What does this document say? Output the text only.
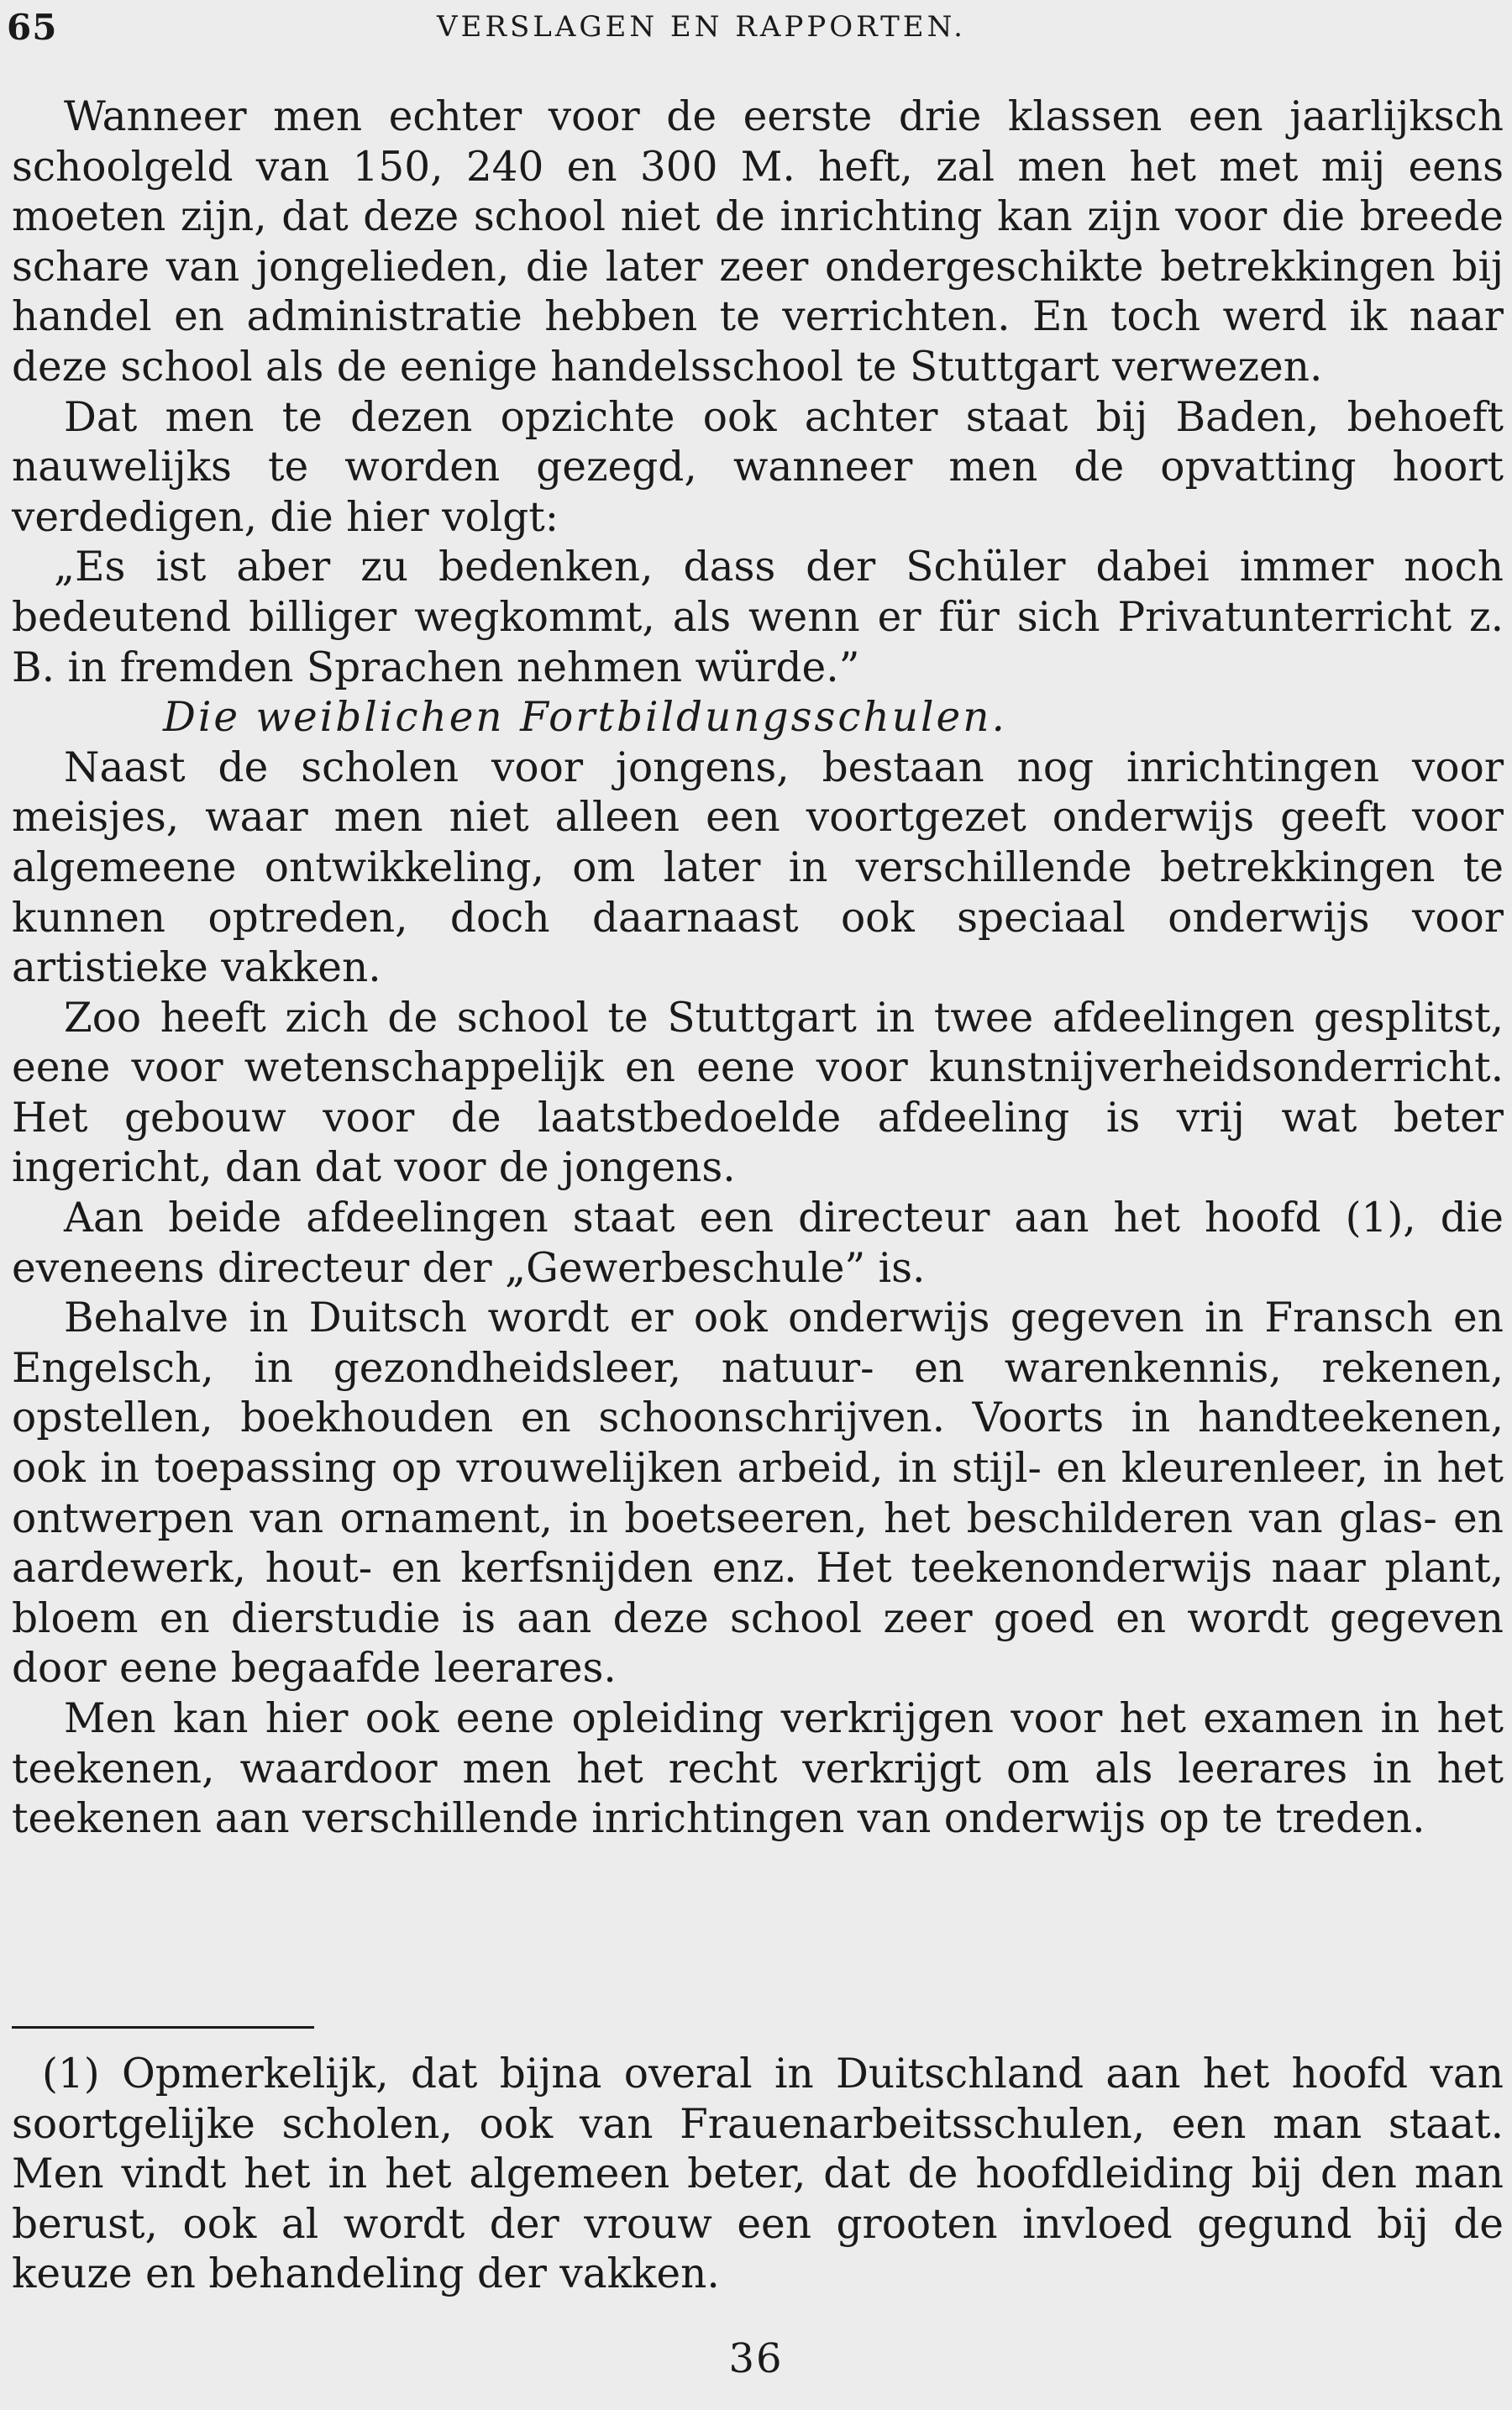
65	VERSLAGEN EN RAPPORTEN.

Wanneer men echter voor de eerste drie klassen een jaarlijksch schoolgeld van 150, 240 en 300 M. heft, zal men het met mij eens moeten zijn, dat deze school niet de inrichting kan zijn voor die breede schare van jongelieden, die later zeer ondergeschikte betrekkingen bij handel en administratie hebben te verrichten. En toch werd ik naar deze school als de eenige handelsschool te Stuttgart verwezen.

Dat men te dezen opzichte ook achter staat bij Baden, behoeft nauwelijks te worden gezegd, wanneer men de opvatting hoort verdedigen, die hier volgt:

„Es ist aber zu bedenken, dass der Schüler dabei immer noch bedeutend billiger wegkommt, als wenn er für sich Privatunterricht z. B. in fremden Sprachen nehmen würde.”

Die weiblichen Fortbildungsschulen.

Naast de scholen voor jongens, bestaan nog inrichtingen voor meisjes, waar men niet alleen een voortgezet onderwijs geeft voor algemeene ontwikkeling, om later in verschillende betrekkingen te kunnen optreden, doch daarnaast ook speciaal onderwijs voor artistieke vakken.

Zoo heeft zich de school te Stuttgart in twee afdeelingen gesplitst, eene voor wetenschappelijk en eene voor kunstnijverheidsonderricht. Het gebouw voor de laatstbedoelde afdeeling is vrij wat beter ingericht, dan dat voor de jongens.

Aan beide afdeelingen staat een directeur aan het hoofd (1), die eveneens directeur der „Gewerbeschule” is.

Behalve in Duitsch wordt er ook onderwijs gegeven in Fransch en Engelsch, in gezondheidsleer, natuur- en warenkennis, rekenen, opstellen, boekhouden en schoonschrijven. Voorts in handteekenen, ook in toepassing op vrouwelijken arbeid, in stijl- en kleurenleer, in het ontwerpen van ornament, in boetseeren, het beschilderen van glas- en aardewerk, hout- en kerfsnijden enz. Het teekenonderwijs naar plant, bloem en dierstudie is aan deze school zeer goed en wordt gegeven door eene begaafde leerares.

Men kan hier ook eene opleiding verkrijgen voor het examen in het teekenen, waardoor men het recht verkrijgt om als leerares in het teekenen aan verschillende inrichtingen van onderwijs op te treden.

(1) Opmerkelijk, dat bijna overal in Duitschland aan het hoofd van soortgelijke scholen, ook van Frauenarbeitsschulen, een man staat. Men vindt het in het algemeen beter, dat de hoofdleiding bij den man berust, ook al wordt der vrouw een grooten invloed gegund bij de keuze en behandeling der vakken.

36
